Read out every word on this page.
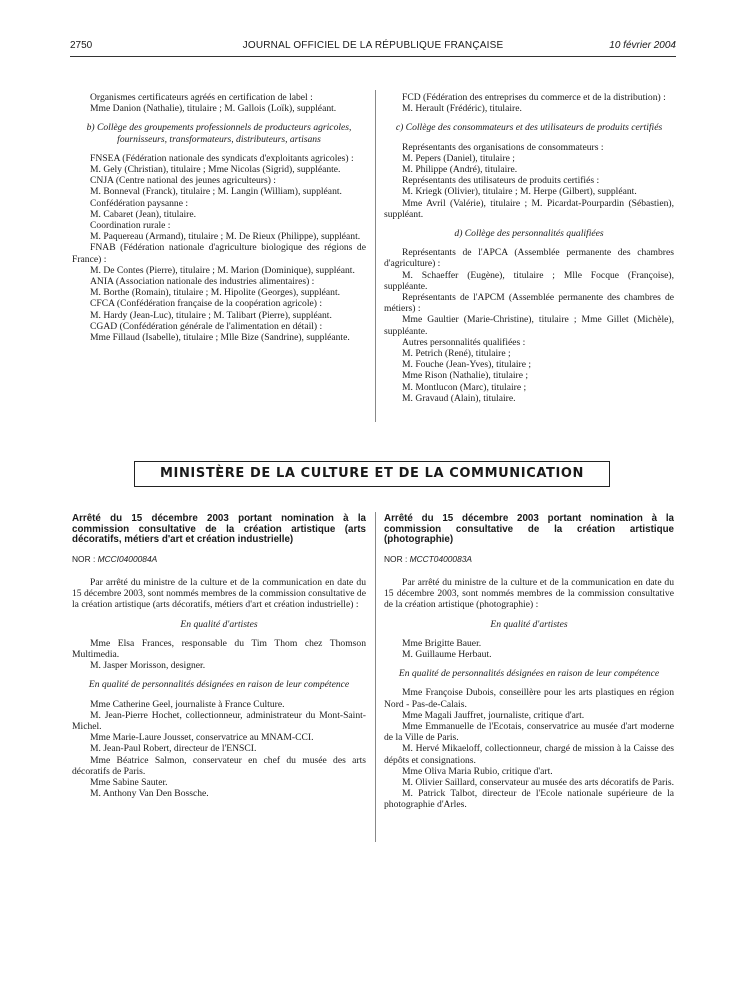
2750	JOURNAL OFFICIEL DE LA RÉPUBLIQUE FRANÇAISE	10 février 2004

Organismes certificateurs agréés en certification de label :

Mme Danion (Nathalie), titulaire ; M. Gallois (Loïk), suppléant.

b) Collège des groupements professionnels de producteurs agricoles, fournisseurs, transformateurs, distributeurs, artisans

FNSEA (Fédération nationale des syndicats d'exploitants agricoles) :

M. Gely (Christian), titulaire ; Mme Nicolas (Sigrid), suppléante.

CNJA (Centre national des jeunes agriculteurs) :

M. Bonneval (Franck), titulaire ; M. Langin (William), suppléant.

Confédération paysanne :

M. Cabaret (Jean), titulaire.

Coordination rurale :

M. Paquereau (Armand), titulaire ; M. De Rieux (Philippe), suppléant.

FNAB (Fédération nationale d'agriculture biologique des régions de France) :

M. De Contes (Pierre), titulaire ; M. Marion (Dominique), suppléant.

ANIA (Association nationale des industries alimentaires) :

M. Borthe (Romain), titulaire ; M. Hipolite (Georges), suppléant.

CFCA (Confédération française de la coopération agricole) :

M. Hardy (Jean-Luc), titulaire ; M. Talibart (Pierre), suppléant.

CGAD (Confédération générale de l'alimentation en détail) :

Mme Fillaud (Isabelle), titulaire ; Mlle Bize (Sandrine), suppléante.

FCD (Fédération des entreprises du commerce et de la distribution) :

M. Herault (Frédéric), titulaire.

c) Collège des consommateurs et des utilisateurs de produits certifiés

Représentants des organisations de consommateurs :

M. Pepers (Daniel), titulaire ;

M. Philippe (André), titulaire.

Représentants des utilisateurs de produits certifiés :

M. Kriegk (Olivier), titulaire ; M. Herpe (Gilbert), suppléant.

Mme Avril (Valérie), titulaire ; M. Picardat-Pourpardin (Sébastien), suppléant.

d) Collège des personnalités qualifiées

Représentants de l'APCA (Assemblée permanente des chambres d'agriculture) :

M. Schaeffer (Eugène), titulaire ; Mlle Focque (Françoise), suppléante.

Représentants de l'APCM (Assemblée permanente des chambres de métiers) :

Mme Gaultier (Marie-Christine), titulaire ; Mme Gillet (Michèle), suppléante.

Autres personnalités qualifiées :

M. Petrich (René), titulaire ;

M. Fouche (Jean-Yves), titulaire ;

Mme Rison (Nathalie), titulaire ;

M. Montlucon (Marc), titulaire ;

M. Gravaud (Alain), titulaire.

MINISTÈRE DE LA CULTURE ET DE LA COMMUNICATION

Arrêté du 15 décembre 2003 portant nomination à la commission consultative de la création artistique (arts décoratifs, métiers d'art et création industrielle)

NOR : MCCI0400084A

Par arrêté du ministre de la culture et de la communication en date du 15 décembre 2003, sont nommés membres de la commission consultative de la création artistique (arts décoratifs, métiers d'art et création industrielle) :

En qualité d'artistes

Mme Elsa Frances, responsable du Tim Thom chez Thomson Multimedia.

M. Jasper Morisson, designer.

En qualité de personnalités désignées en raison de leur compétence

Mme Catherine Geel, journaliste à France Culture.

M. Jean-Pierre Hochet, collectionneur, administrateur du Mont-Saint-Michel.

Mme Marie-Laure Jousset, conservatrice au MNAM-CCI.

M. Jean-Paul Robert, directeur de l'ENSCI.

Mme Béatrice Salmon, conservateur en chef du musée des arts décoratifs de Paris.

Mme Sabine Sauter.

M. Anthony Van Den Bossche.

Arrêté du 15 décembre 2003 portant nomination à la commission consultative de la création artistique (photographie)

NOR : MCCT0400083A

Par arrêté du ministre de la culture et de la communication en date du 15 décembre 2003, sont nommés membres de la commission consultative de la création artistique (photographie) :

En qualité d'artistes

Mme Brigitte Bauer.

M. Guillaume Herbaut.

En qualité de personnalités désignées en raison de leur compétence

Mme Françoise Dubois, conseillère pour les arts plastiques en région Nord - Pas-de-Calais.

Mme Magali Jauffret, journaliste, critique d'art.

Mme Emmanuelle de l'Ecotais, conservatrice au musée d'art moderne de la Ville de Paris.

M. Hervé Mikaeloff, collectionneur, chargé de mission à la Caisse des dépôts et consignations.

Mme Oliva Maria Rubio, critique d'art.

M. Olivier Saillard, conservateur au musée des arts décoratifs de Paris.

M. Patrick Talbot, directeur de l'Ecole nationale supérieure de la photographie d'Arles.
